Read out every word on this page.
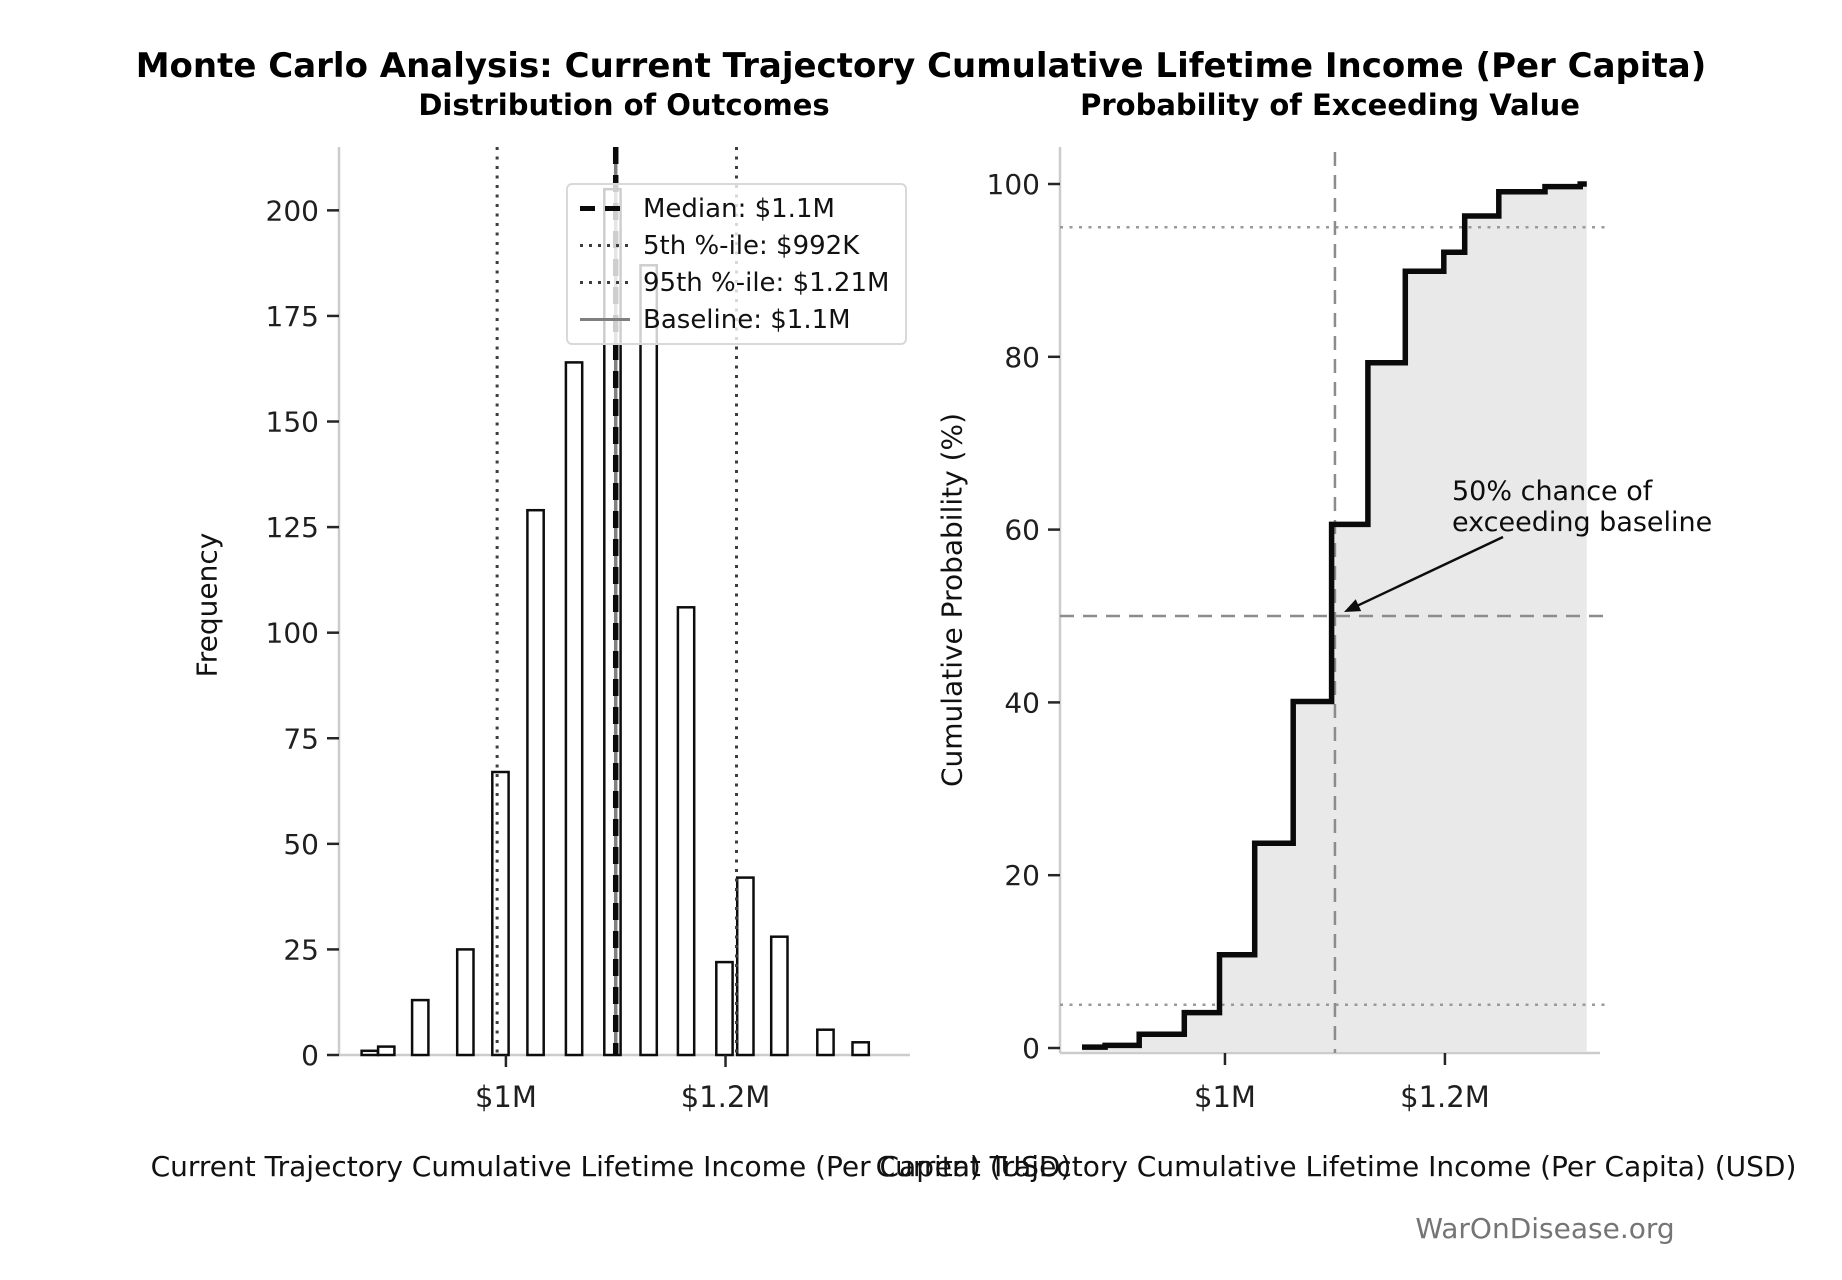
0
25
50
75
100
125
150
175
200
$1M	$1.2M
0
20
40
60
80
100
$1M	$1.2M
Monte Carlo Analysis: Current Trajectory Cumulative Lifetime Income (Per Capita)
Distribution of Outcomes	Probability of Exceeding Value
Frequency	Cumulative Probability (%)
Current Trajectory Cumulative Lifetime Income (Per Capita) (USD)
Current Trajectory Cumulative Lifetime Income (Per Capita) (USD)
Median: $1.1M
5th %-ile: $992K
95th %-ile: $1.21M
Baseline: $1.1M
50% chance of
exceeding baseline
WarOnDisease.org
